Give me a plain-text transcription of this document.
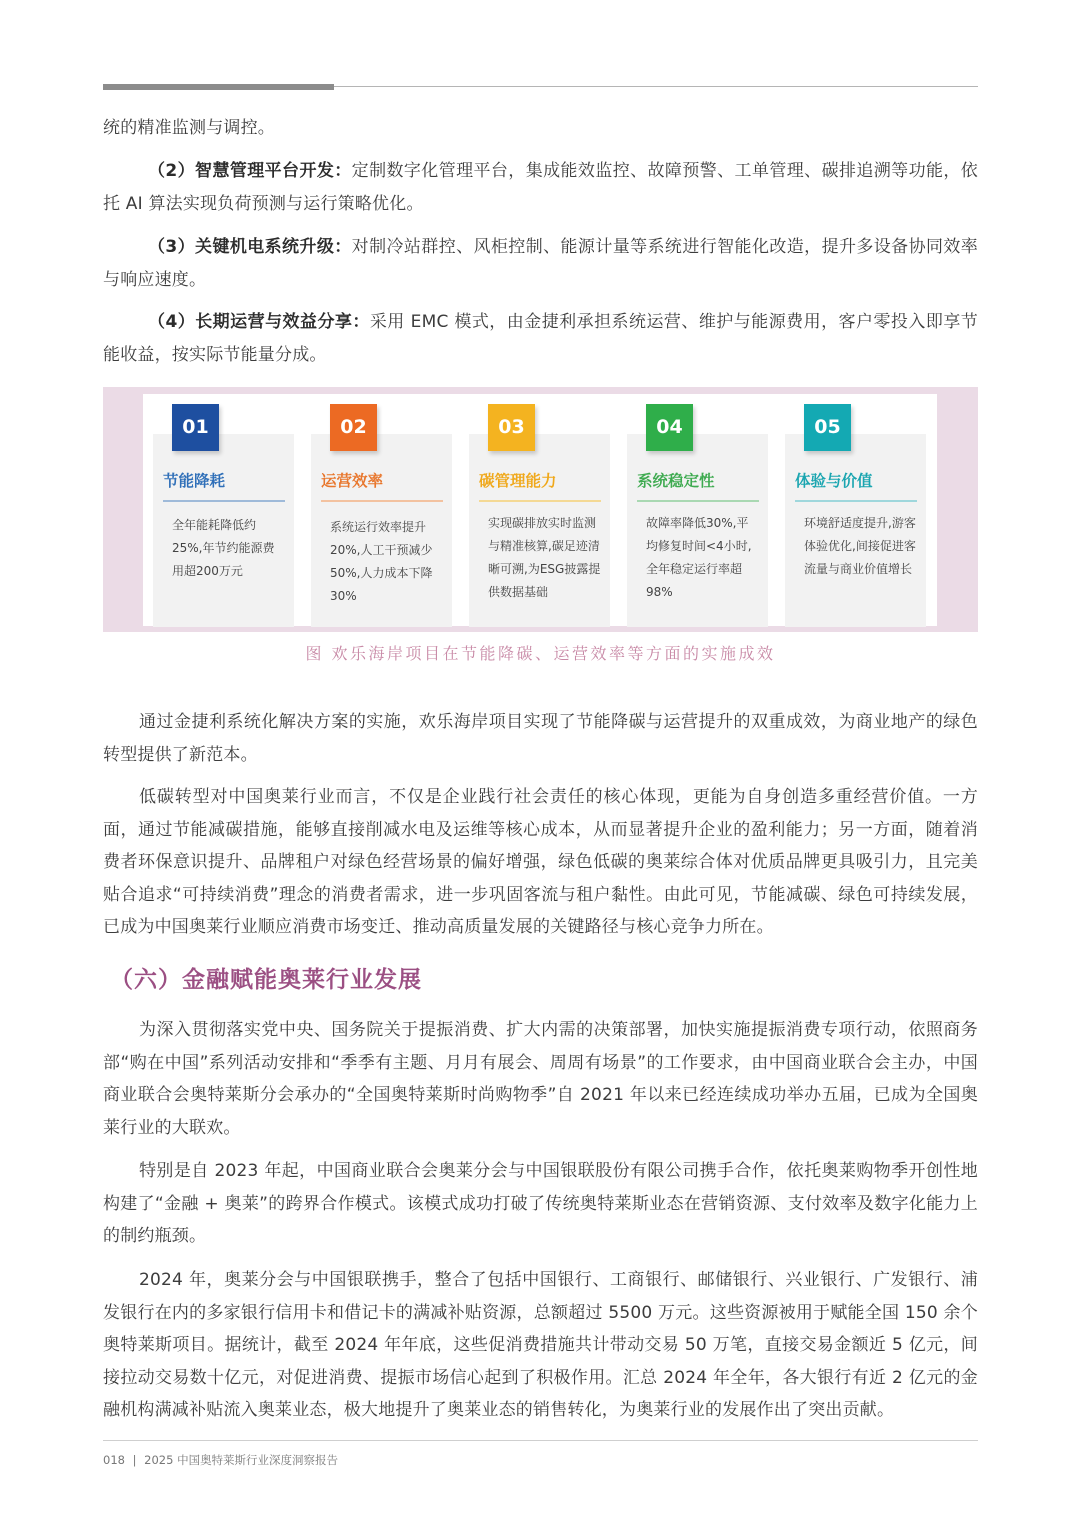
统的精准监测与调控。

（2）智慧管理平台开发：定制数字化管理平台，集成能效监控、故障预警、工单管理、碳排追溯等功能，依托 AI 算法实现负荷预测与运行策略优化。

（3）关键机电系统升级：对制冷站群控、风柜控制、能源计量等系统进行智能化改造，提升多设备协同效率与响应速度。

（4）长期运营与效益分享：采用 EMC 模式，由金捷利承担系统运营、维护与能源费用，客户零投入即享节能收益，按实际节能量分成。

01
节能降耗
全年能耗降低约25%,年节约能源费用超200万元
02
运营效率
系统运行效率提升20%,人工干预减少50%,人力成本下降30%
03
碳管理能力
实现碳排放实时监测与精准核算,碳足迹清晰可溯,为ESG披露提供数据基础
04
系统稳定性
故障率降低30%,平均修复时间<4小时,全年稳定运行率超98%
05
体验与价值
环境舒适度提升,游客体验优化,间接促进客流量与商业价值增长
图 欢乐海岸项目在节能降碳、运营效率等方面的实施成效

通过金捷利系统化解决方案的实施，欢乐海岸项目实现了节能降碳与运营提升的双重成效，为商业地产的绿色转型提供了新范本。

低碳转型对中国奥莱行业而言，不仅是企业践行社会责任的核心体现，更能为自身创造多重经营价值。一方面，通过节能减碳措施，能够直接削减水电及运维等核心成本，从而显著提升企业的盈利能力；另一方面，随着消费者环保意识提升、品牌租户对绿色经营场景的偏好增强，绿色低碳的奥莱综合体对优质品牌更具吸引力，且完美贴合追求“可持续消费”理念的消费者需求，进一步巩固客流与租户黏性。由此可见，节能减碳、绿色可持续发展，已成为中国奥莱行业顺应消费市场变迁、推动高质量发展的关键路径与核心竞争力所在。

（六）金融赋能奥莱行业发展

为深入贯彻落实党中央、国务院关于提振消费、扩大内需的决策部署，加快实施提振消费专项行动，依照商务部“购在中国”系列活动安排和“季季有主题、月月有展会、周周有场景”的工作要求，由中国商业联合会主办，中国商业联合会奥特莱斯分会承办的“全国奥特莱斯时尚购物季”自 2021 年以来已经连续成功举办五届，已成为全国奥莱行业的大联欢。

特别是自 2023 年起，中国商业联合会奥莱分会与中国银联股份有限公司携手合作，依托奥莱购物季开创性地构建了“金融 + 奥莱”的跨界合作模式。该模式成功打破了传统奥特莱斯业态在营销资源、支付效率及数字化能力上的制约瓶颈。

2024 年，奥莱分会与中国银联携手，整合了包括中国银行、工商银行、邮储银行、兴业银行、广发银行、浦发银行在内的多家银行信用卡和借记卡的满减补贴资源，总额超过 5500 万元。这些资源被用于赋能全国 150 余个奥特莱斯项目。据统计，截至 2024 年年底，这些促消费措施共计带动交易 50 万笔，直接交易金额近 5 亿元，间接拉动交易数十亿元，对促进消费、提振市场信心起到了积极作用。汇总 2024 年全年，各大银行有近 2 亿元的金融机构满减补贴流入奥莱业态，极大地提升了奥莱业态的销售转化，为奥莱行业的发展作出了突出贡献。

018 | 2025 中国奥特莱斯行业深度洞察报告
